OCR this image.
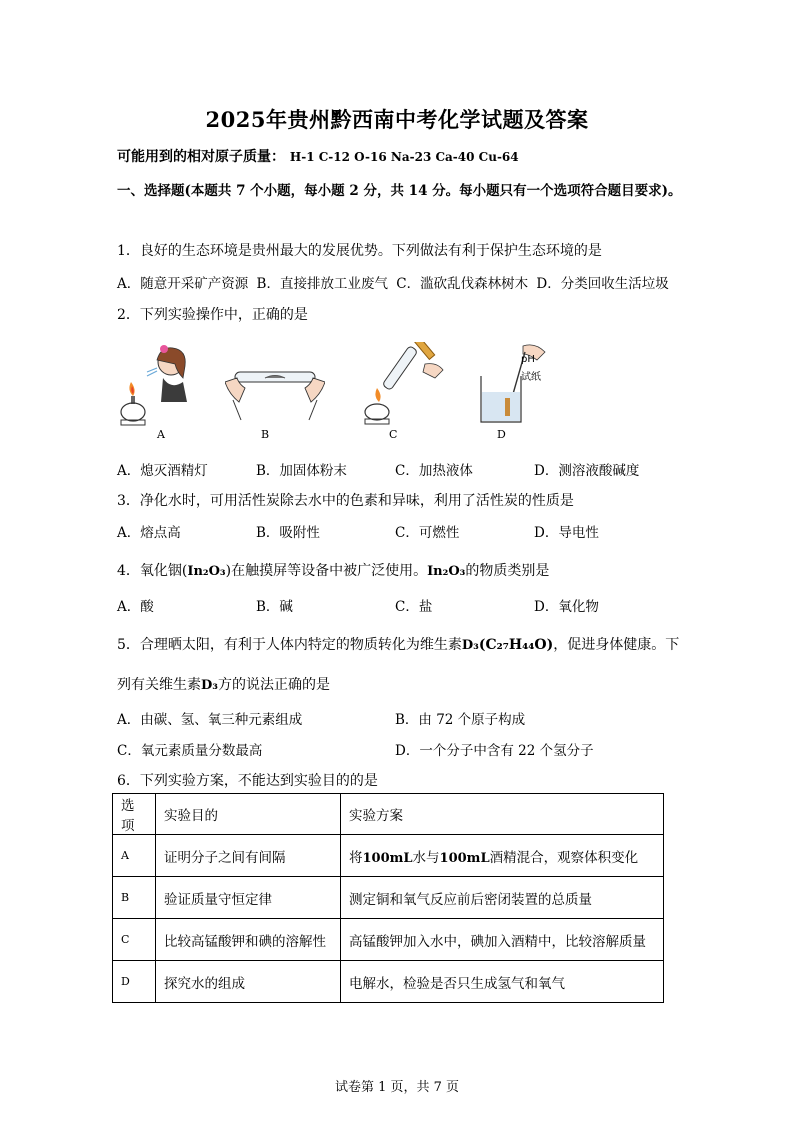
2025年贵州黔西南中考化学试题及答案
可能用到的相对原子质量： H-1 C-12 O-16 Na-23 Ca-40 Cu-64
一、选择题(本题共 7 个小题，每小题 2 分，共 14 分。每小题只有一个选项符合题目要求)。
1．良好的生态环境是贵州最大的发展优势。下列做法有利于保护生态环境的是
A．随意开采矿产资源 B．直接排放工业废气 C．滥砍乱伐森林树木 D．分类回收生活垃圾
2．下列实验操作中，正确的是
A	B	C
pH
试纸
D
A．熄灭酒精灯	B．加固体粉末	C．加热液体	D．测溶液酸碱度
3．净化水时，可用活性炭除去水中的色素和异味，利用了活性炭的性质是
A．熔点高	B．吸附性	C．可燃性	D．导电性
4．氧化铟(In₂O₃)在触摸屏等设备中被广泛使用。In₂O₃的物质类别是
A．酸	B．碱	C．盐	D．氧化物
5．合理晒太阳，有利于人体内特定的物质转化为维生素D₃(C₂₇H₄₄O)，促进身体健康。下
列有关维生素D₃方的说法正确的是
A．由碳、氢、氧三种元素组成	B．由 72 个原子构成
C．氧元素质量分数最高	D．一个分子中含有 22 个氢分子
6．下列实验方案，不能达到实验目的的是
选项	实验目的	实验方案
A	证明分子之间有间隔	将100mL水与100mL酒精混合，观察体积变化
B	验证质量守恒定律	测定铜和氧气反应前后密闭装置的总质量
C	比较高锰酸钾和碘的溶解性	高锰酸钾加入水中，碘加入酒精中，比较溶解质量
D	探究水的组成	电解水，检验是否只生成氢气和氧气
试卷第 1 页，共 7 页
